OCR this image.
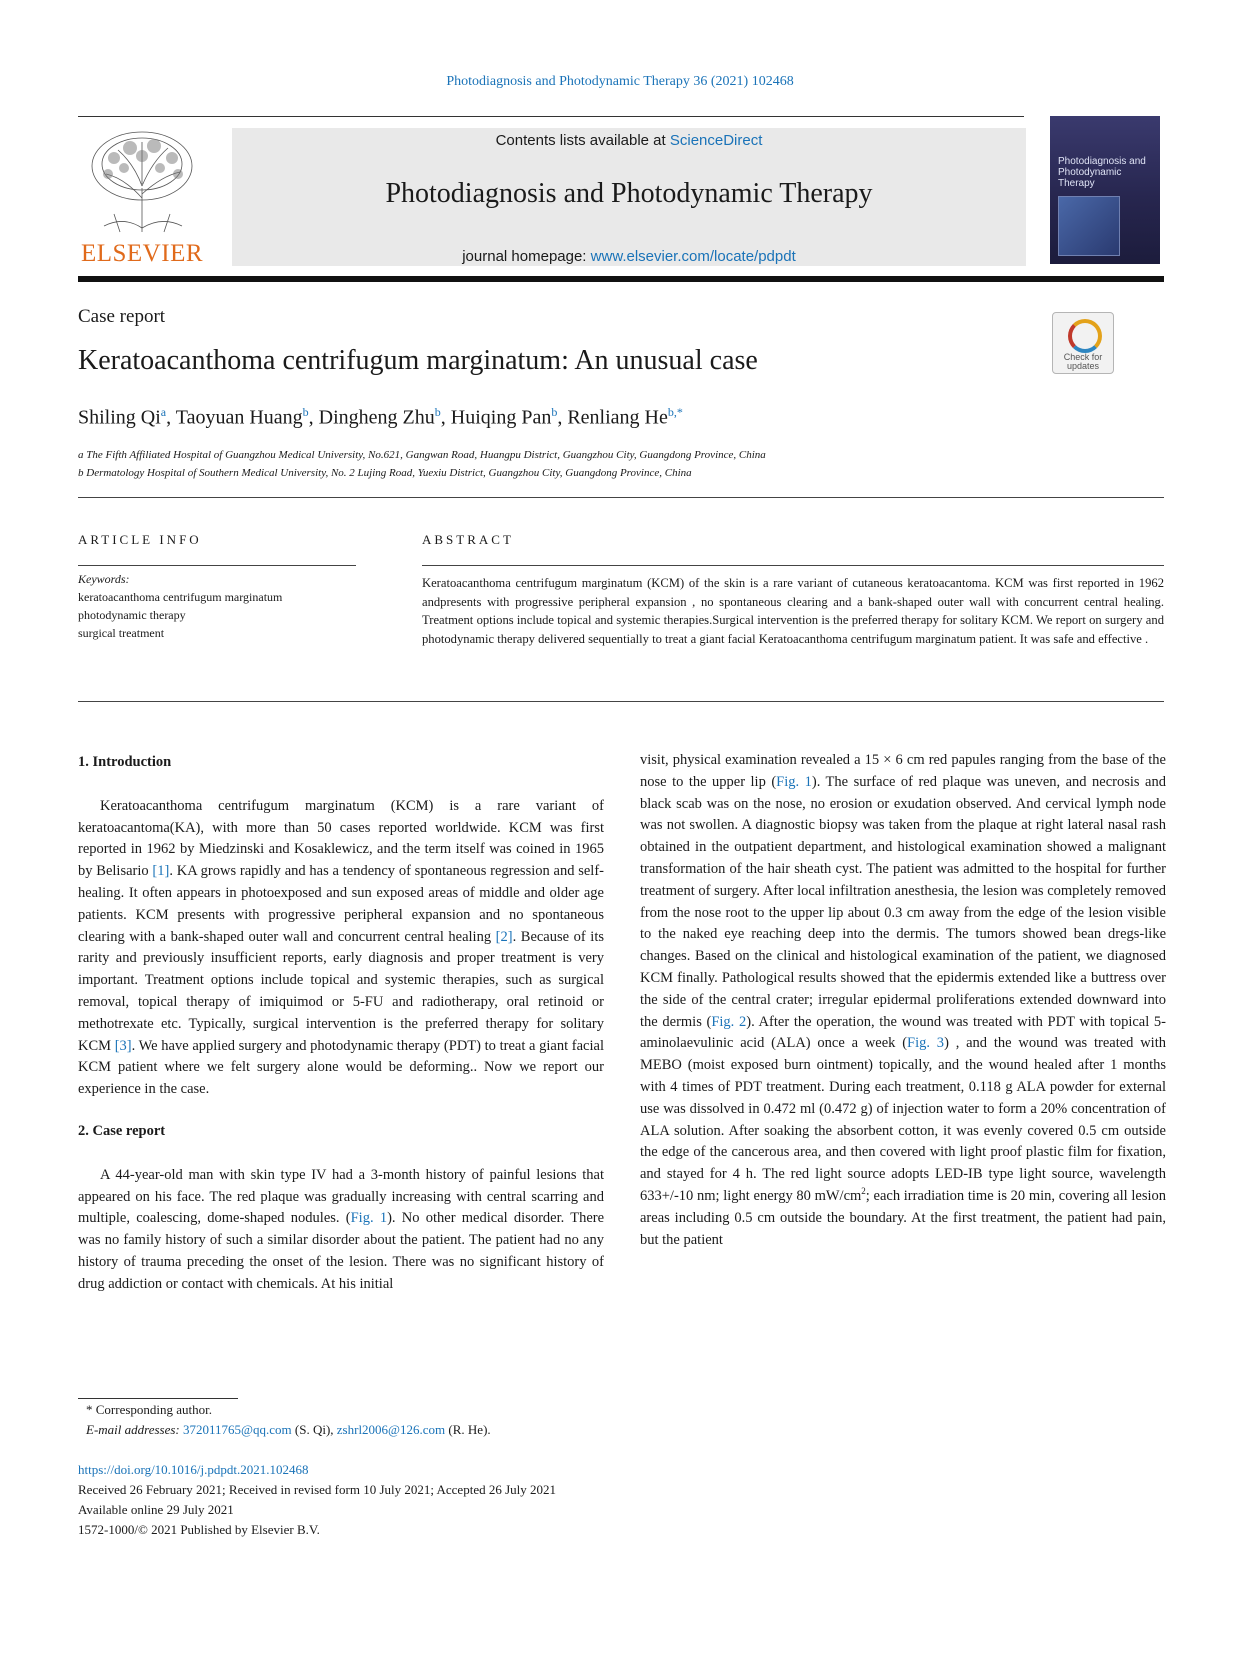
Photodiagnosis and Photodynamic Therapy 36 (2021) 102468
ELSEVIER
Contents lists available at ScienceDirect
Photodiagnosis and Photodynamic Therapy
journal homepage: www.elsevier.com/locate/pdpdt
Photodiagnosis and Photodynamic Therapy
Case report
Keratoacanthoma centrifugum marginatum: An unusual case	Check for updates
Shiling Qi$^a$, Taoyuan Huang$^b$, Dingheng Zhu$^b$, Huiqing Pan$^b$, Renliang $He^{b,*}$
a The Fifth Affiliated Hospital of Guangzhou Medical University, No.621, Gangwan Road, Huangpu District, Guangzhou City, Guangdong Province, China
b Dermatology Hospital of Southern Medical University, No. 2 Lujing Road, Yuexiu District, Guangzhou City, Guangdong Province, China
ARTICLE INFO	ABSTRACT
Keywords:
keratoacanthoma centrifugum marginatum
photodynamic therapy
surgical treatment
Keratoacanthoma centrifugum marginatum (KCM) of the skin is a rare variant of cutaneous keratoacantoma. KCM was first reported in 1962 andpresents with progressive peripheral expansion , no spontaneous clearing and a bank-shaped outer wall with concurrent central healing. Treatment options include topical and systemic therapies.Surgical intervention is the preferred therapy for solitary KCM. We report on surgery and photodynamic therapy delivered sequentially to treat a giant facial Keratoacanthoma centrifugum marginatum patient. It was safe and effective .

1. Introduction

Keratoacanthoma centrifugum marginatum (KCM) is a rare variant of keratoacantoma(KA), with more than 50 cases reported worldwide. KCM was first reported in 1962 by Miedzinski and Kosaklewicz, and the term itself was coined in 1965 by Belisario [1]. KA grows rapidly and has a tendency of spontaneous regression and self-healing. It often appears in photoexposed and sun exposed areas of middle and older age patients. KCM presents with progressive peripheral expansion and no spontaneous clearing with a bank-shaped outer wall and concurrent central healing [2]. Because of its rarity and previously insufficient reports, early diagnosis and proper treatment is very important. Treatment options include topical and systemic therapies, such as surgical removal, topical therapy of imiquimod or 5-FU and radiotherapy, oral retinoid or methotrexate etc. Typically, surgical intervention is the preferred therapy for solitary KCM [3]. We have applied surgery and photodynamic therapy (PDT) to treat a giant facial KCM patient where we felt surgery alone would be deforming.. Now we report our experience in the case.

2. Case report

A 44-year-old man with skin type IV had a 3-month history of painful lesions that appeared on his face. The red plaque was gradually increasing with central scarring and multiple, coalescing, dome-shaped nodules. (Fig. 1). No other medical disorder. There was no family history of such a similar disorder about the patient. The patient had no any history of trauma preceding the onset of the lesion. There was no significant history of drug addiction or contact with chemicals. At his initial

visit, physical examination revealed a 15 × 6 cm red papules ranging from the base of the nose to the upper lip (Fig. 1). The surface of red plaque was uneven, and necrosis and black scab was on the nose, no erosion or exudation observed. And cervical lymph node was not swollen. A diagnostic biopsy was taken from the plaque at right lateral nasal rash obtained in the outpatient department, and histological examination showed a malignant transformation of the hair sheath cyst. The patient was admitted to the hospital for further treatment of surgery. After local infiltration anesthesia, the lesion was completely removed from the nose root to the upper lip about 0.3 cm away from the edge of the lesion visible to the naked eye reaching deep into the dermis. The tumors showed bean dregs-like changes. Based on the clinical and histological examination of the patient, we diagnosed KCM finally. Pathological results showed that the epidermis extended like a buttress over the side of the central crater; irregular epidermal proliferations extended downward into the dermis (Fig. 2). After the operation, the wound was treated with PDT with topical 5-aminolaevulinic acid (ALA) once a week (Fig. 3) , and the wound was treated with MEBO (moist exposed burn ointment) topically, and the wound healed after 1 months with 4 times of PDT treatment. During each treatment, 0.118 g ALA powder for external use was dissolved in 0.472 ml (0.472 g) of injection water to form a 20% concentration of ALA solution. After soaking the absorbent cotton, it was evenly covered 0.5 cm outside the edge of the cancerous area, and then covered with light proof plastic film for fixation, and stayed for 4 h. The red light source adopts LED-IB type light source, wavelength 633+/-10 nm; light energy 80 $mW/cm^2$; each irradiation time is 20 min, covering all lesion areas including 0.5 cm outside the boundary. At the first treatment, the patient had pain, but the patient

* Corresponding author.
E-mail addresses: 372011765@qq.com (S. Qi), zshrl2006@126.com (R. He).
https://doi.org/10.1016/j.pdpdt.2021.102468
Received 26 February 2021; Received in revised form 10 July 2021; Accepted 26 July 2021
Available online 29 July 2021
1572-1000/© 2021 Published by Elsevier B.V.
